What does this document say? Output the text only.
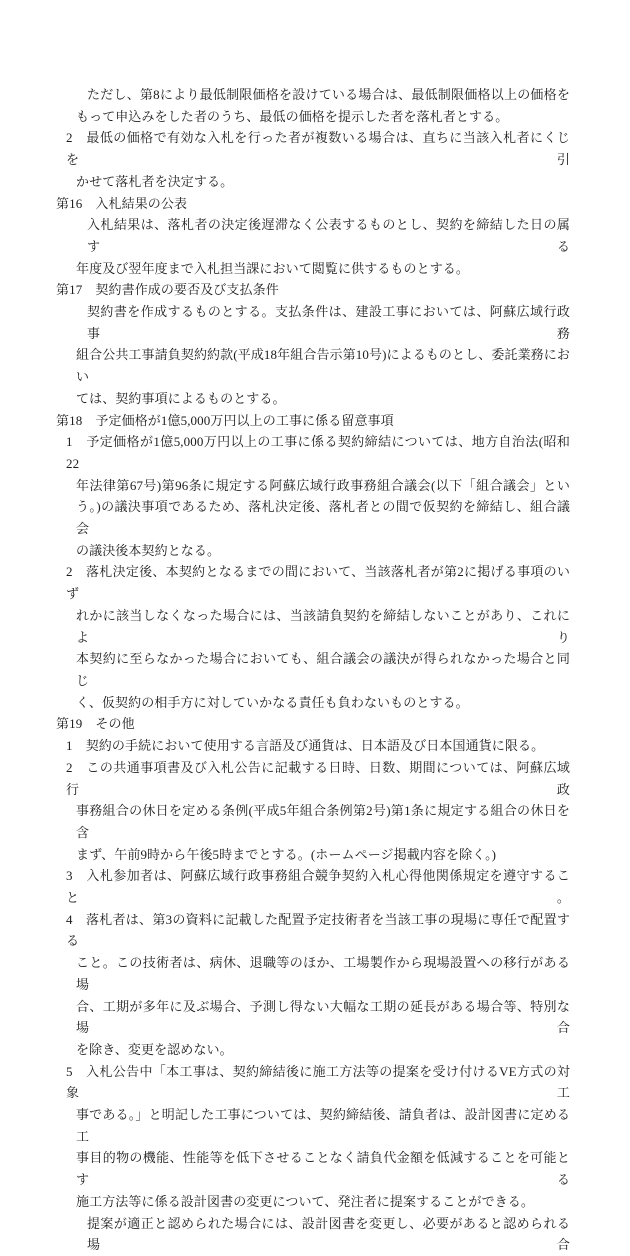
ただし、第8により最低制限価格を設けている場合は、最低制限価格以上の価格を
もって申込みをした者のうち、最低の価格を提示した者を落札者とする。
2　最低の価格で有効な入札を行った者が複数いる場合は、直ちに当該入札者にくじを引
かせて落札者を決定する。
第16　入札結果の公表
入札結果は、落札者の決定後遅滞なく公表するものとし、契約を締結した日の属する
年度及び翌年度まで入札担当課において閲覧に供するものとする。
第17　契約書作成の要否及び支払条件
契約書を作成するものとする。支払条件は、建設工事においては、阿蘇広域行政事務
組合公共工事請負契約約款(平成18年組合告示第10号)によるものとし、委託業務におい
ては、契約事項によるものとする。
第18　予定価格が1億5,000万円以上の工事に係る留意事項
1　予定価格が1億5,000万円以上の工事に係る契約締結については、地方自治法(昭和22
年法律第67号)第96条に規定する阿蘇広域行政事務組合議会(以下「組合議会」とい
う。)の議決事項であるため、落札決定後、落札者との間で仮契約を締結し、組合議会
の議決後本契約となる。
2　落札決定後、本契約となるまでの間において、当該落札者が第2に掲げる事項のいず
れかに該当しなくなった場合には、当該請負契約を締結しないことがあり、これにより
本契約に至らなかった場合においても、組合議会の議決が得られなかった場合と同じ
く、仮契約の相手方に対していかなる責任も負わないものとする。
第19　その他
1　契約の手続において使用する言語及び通貨は、日本語及び日本国通貨に限る。
2　この共通事項書及び入札公告に記載する日時、日数、期間については、阿蘇広域行政
事務組合の休日を定める条例(平成5年組合条例第2号)第1条に規定する組合の休日を含
まず、午前9時から午後5時までとする。(ホームページ掲載内容を除く。)
3　入札参加者は、阿蘇広域行政事務組合競争契約入札心得他関係規定を遵守すること。
4　落札者は、第3の資料に記載した配置予定技術者を当該工事の現場に専任で配置する
こと。この技術者は、病休、退職等のほか、工場製作から現場設置への移行がある場
合、工期が多年に及ぶ場合、予測し得ない大幅な工期の延長がある場合等、特別な場合
を除き、変更を認めない。
5　入札公告中「本工事は、契約締結後に施工方法等の提案を受け付けるVE方式の対象工
事である。」と明記した工事については、契約締結後、請負者は、設計図書に定める工
事目的物の機能、性能等を低下させることなく請負代金額を低減することを可能とする
施工方法等に係る設計図書の変更について、発注者に提案することができる。
提案が適正と認められた場合には、設計図書を変更し、必要があると認められる場合
